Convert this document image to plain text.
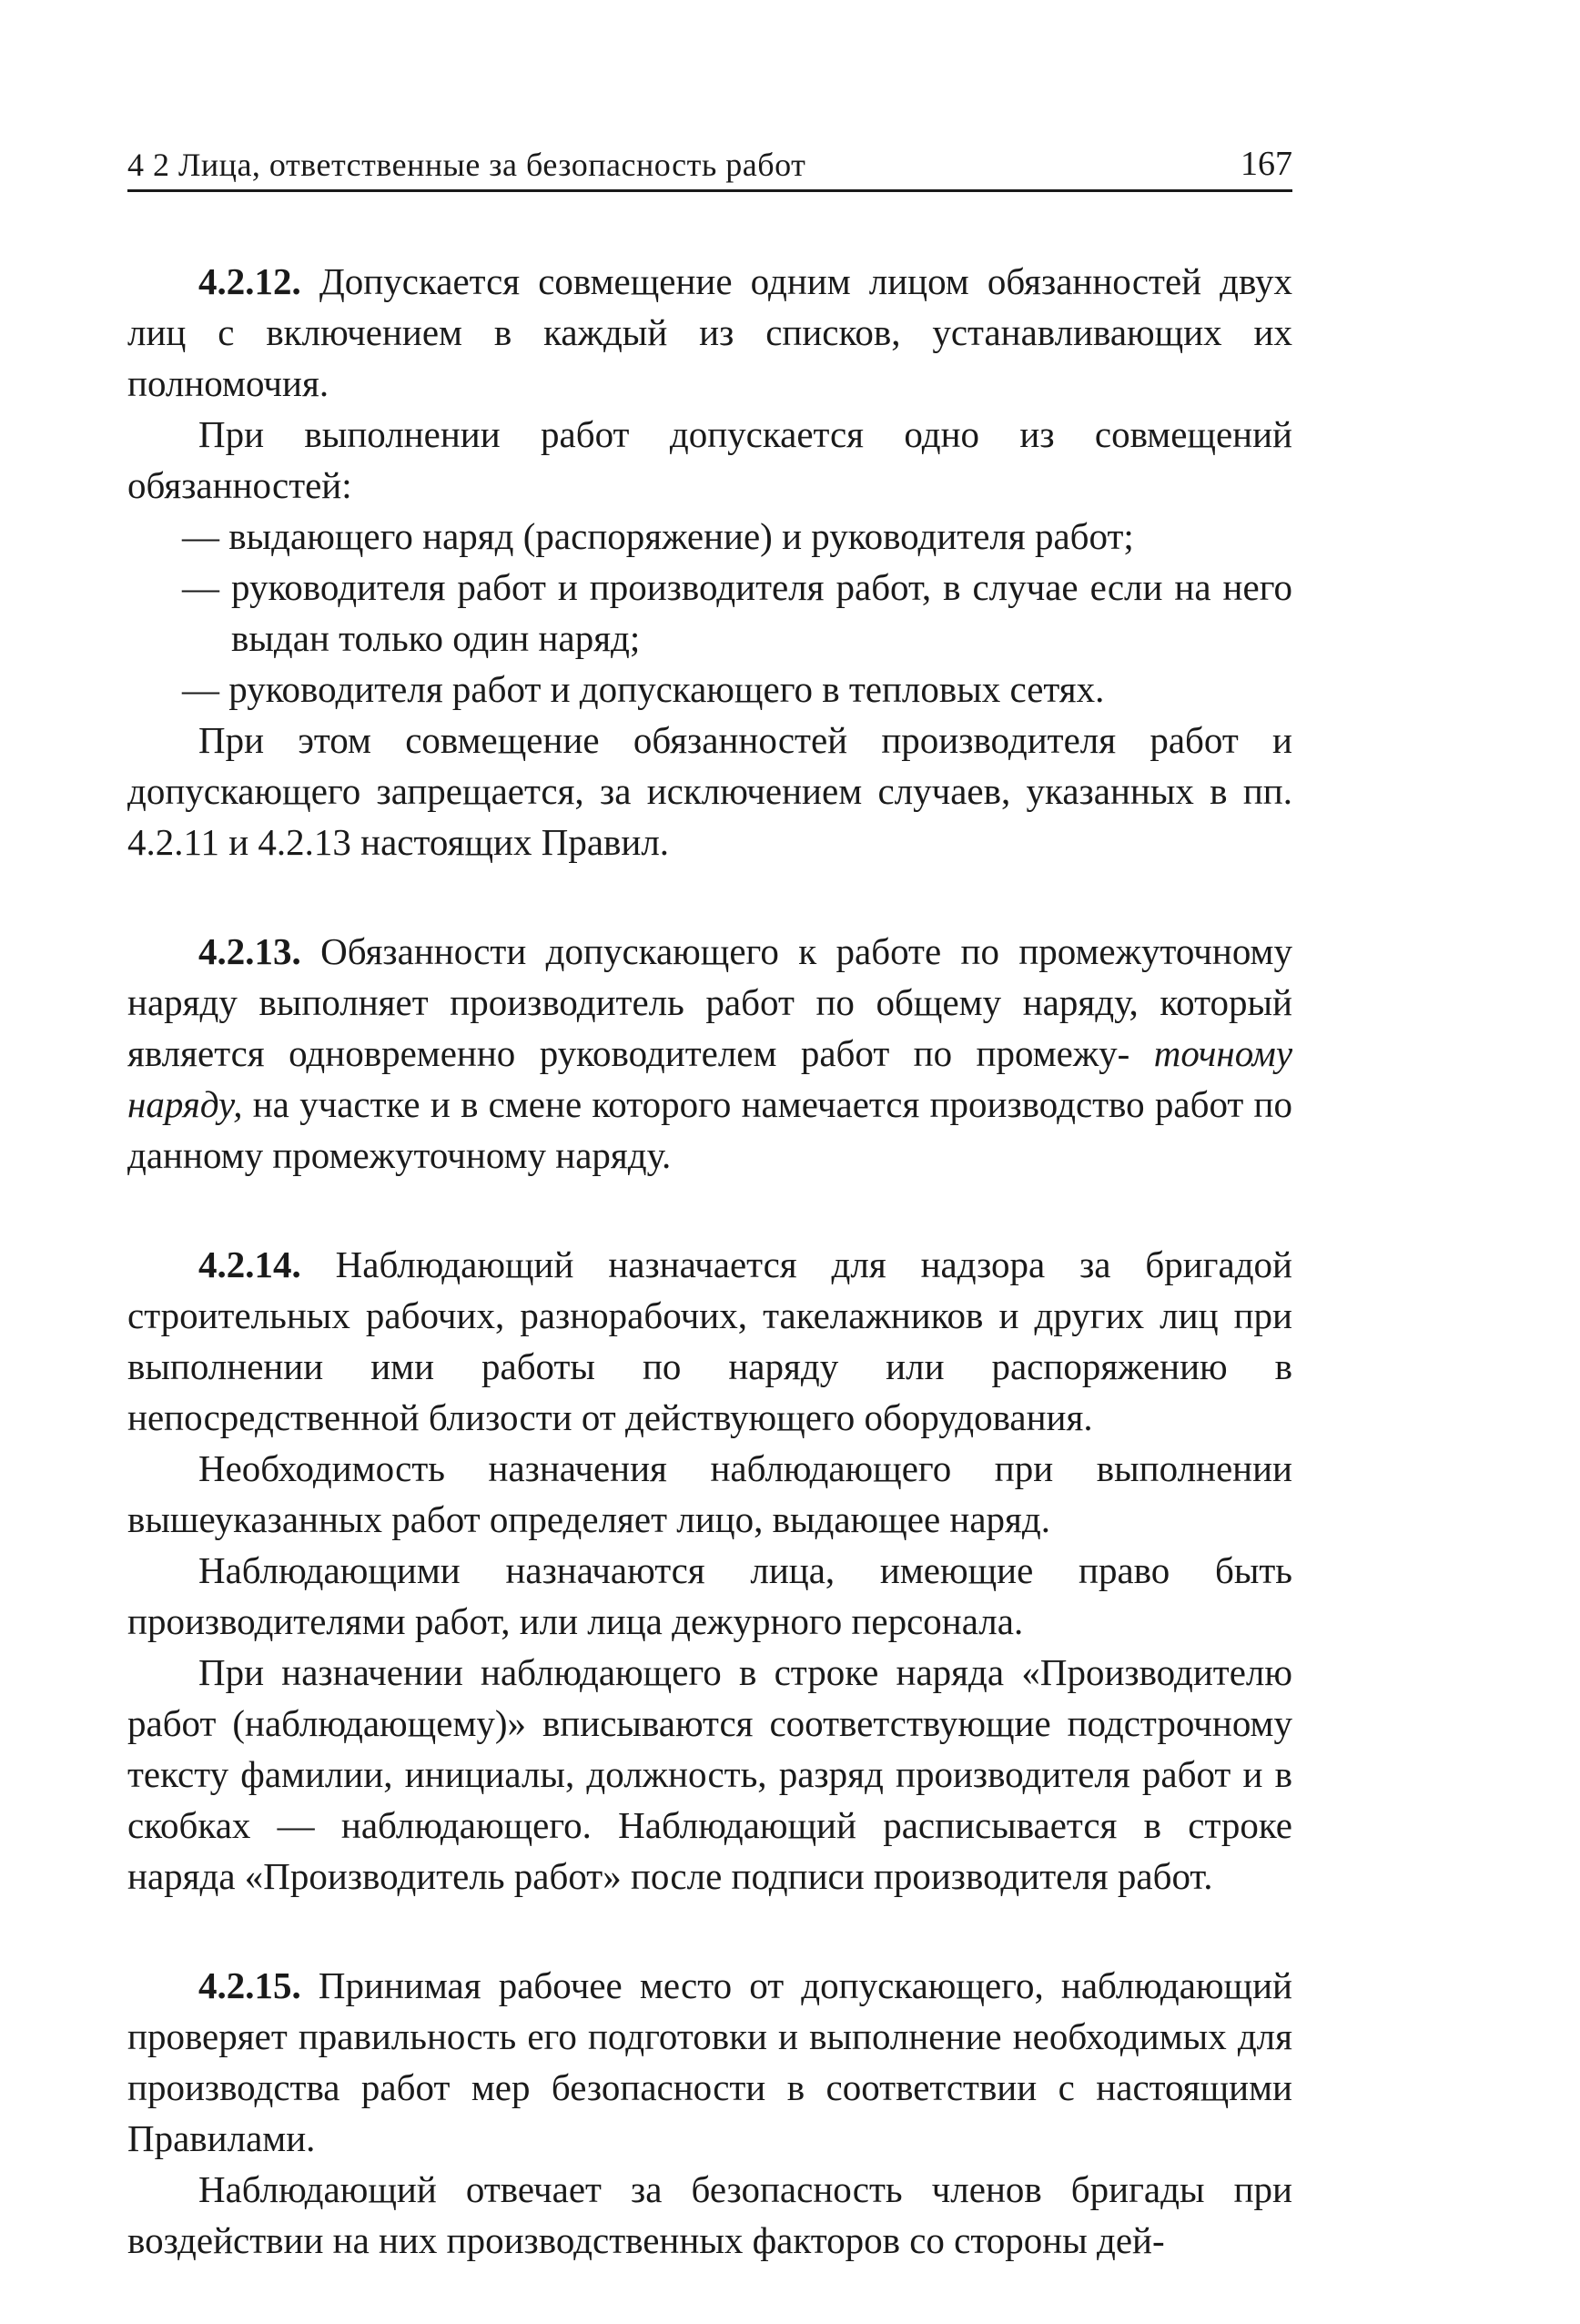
4 2 Лица, ответственные за безопасность работ	167

4.2.12. Допускается совмещение одним лицом обязанностей двух лиц с включением в каждый из списков, устанавливающих их полномочия.

При выполнении работ допускается одно из совмещений обязанностей:

— выдающего наряд (распоряжение) и руководителя работ;
— руководителя работ и производителя работ, в случае если на него выдан только один наряд;
— руководителя работ и допускающего в тепловых сетях.

При этом совмещение обязанностей производителя работ и допускающего запрещается, за исключением случаев, указанных в пп. 4.2.11 и 4.2.13 настоящих Правил.

4.2.13. Обязанности допускающего к работе по промежуточному наряду выполняет производитель работ по общему наряду, который является одновременно руководителем работ по промежу- точному наряду, на участке и в смене которого намечается производство работ по данному промежуточному наряду.

4.2.14. Наблюдающий назначается для надзора за бригадой строительных рабочих, разнорабочих, такелажников и других лиц при выполнении ими работы по наряду или распоряжению в непосредственной близости от действующего оборудования.

Необходимость назначения наблюдающего при выполнении вышеуказанных работ определяет лицо, выдающее наряд.

Наблюдающими назначаются лица, имеющие право быть производителями работ, или лица дежурного персонала.

При назначении наблюдающего в строке наряда «Производителю работ (наблюдающему)» вписываются соответствующие подстрочному тексту фамилии, инициалы, должность, разряд производителя работ и в скобках — наблюдающего. Наблюдающий расписывается в строке наряда «Производитель работ» после подписи производителя работ.

4.2.15. Принимая рабочее место от допускающего, наблюдающий проверяет правильность его подготовки и выполнение необходимых для производства работ мер безопасности в соответствии с настоящими Правилами.

Наблюдающий отвечает за безопасность членов бригады при воздействии на них производственных факторов со стороны дей-
